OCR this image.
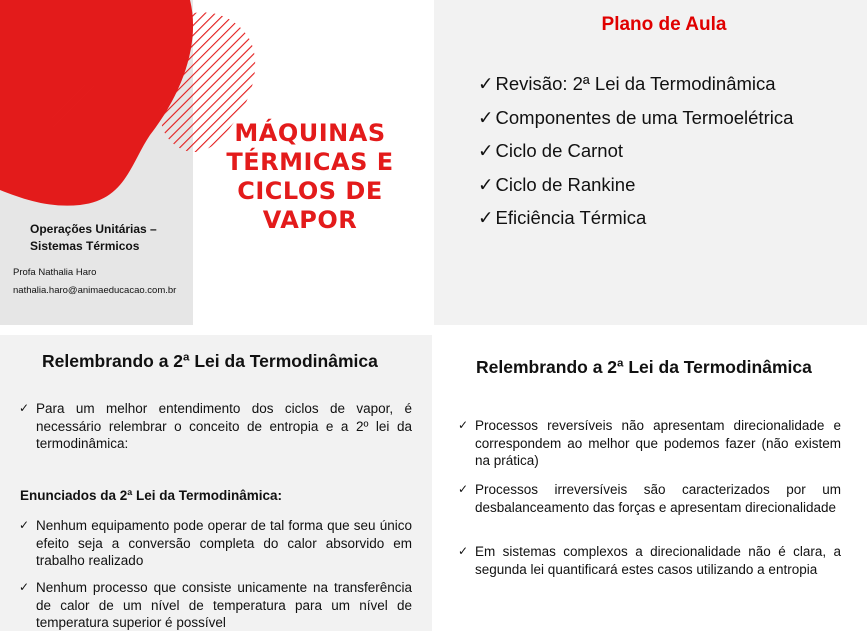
Operações Unitárias –
Sistemas Térmicos
Profa Nathalia Haro
nathalia.haro@animaeducacao.com.br
MÁQUINAS
TÉRMICAS E
CICLOS DE
VAPOR
Plano de Aula
✓ Revisão: 2ª Lei da Termodinâmica
✓ Componentes de uma Termoelétrica
✓ Ciclo de Carnot
✓ Ciclo de Rankine
✓ Eficiência Térmica
Relembrando a 2ª Lei da Termodinâmica
✓ Para um melhor entendimento dos ciclos de vapor, é necessário relembrar o conceito de entropia e a 2º lei da termodinâmica:
Enunciados da 2ª Lei da Termodinâmica:
✓ Nenhum equipamento pode operar de tal forma que seu único efeito seja a conversão completa do calor absorvido em trabalho realizado
✓ Nenhum processo que consiste unicamente na transferência de calor de um nível de temperatura para um nível de temperatura superior é possível
Relembrando a 2ª Lei da Termodinâmica
✓ Processos reversíveis não apresentam direcionalidade e correspondem ao melhor que podemos fazer (não existem na prática)
✓ Processos irreversíveis são caracterizados por um desbalanceamento das forças e apresentam direcionalidade
✓ Em sistemas complexos a direcionalidade não é clara, a segunda lei quantificará estes casos utilizando a entropia
